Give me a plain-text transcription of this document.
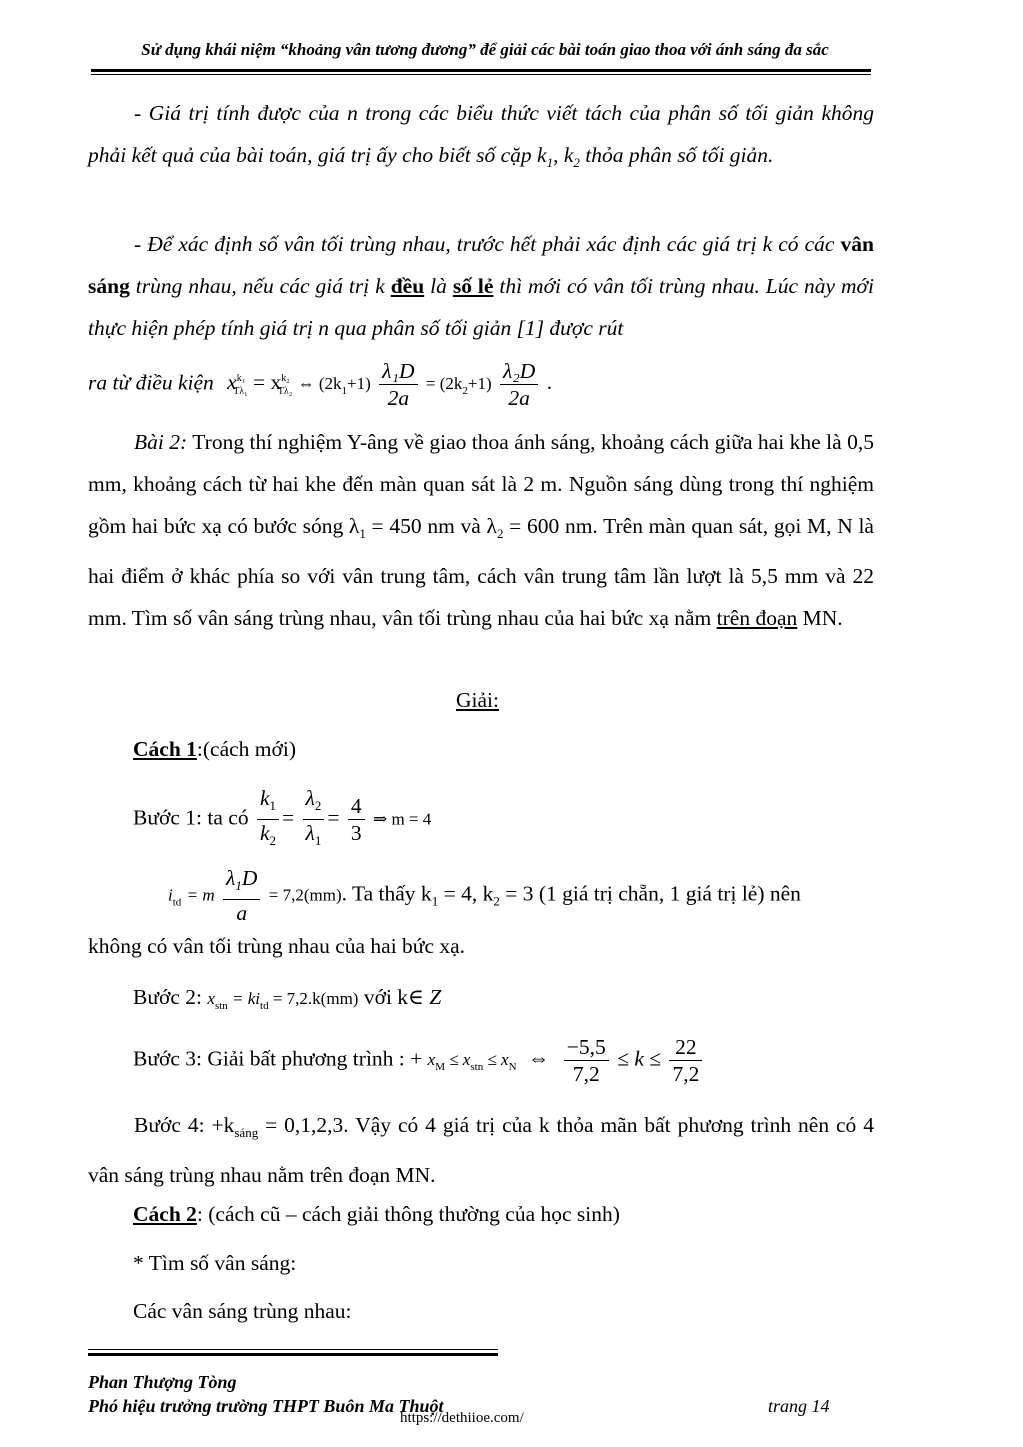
Sử dụng khái niệm “khoảng vân tương đương” để giải các bài toán giao thoa với ánh sáng đa sắc
- Giá trị tính được của n trong các biểu thức viết tách của phân số tối giản không phải kết quả của bài toán, giá trị ấy cho biết số cặp $k_1$, $k_2$ thỏa phân số tối giản.
- Để xác định số vân tối trùng nhau, trước hết phải xác định các giá trị k có các vân sáng trùng nhau, nếu các giá trị k đều là số lẻ thì mới có vân tối trùng nhau. Lúc này mới thực hiện phép tính giá trị n qua phân số tối giản [1] được rút
ra từ điều kiện $x^{k_1}_{T\lambda_1} = x^{k_2}_{T\lambda_2}$ ⇔ $(2k_1+1) \frac{\text{λ₁D}}{2a} = (2k_2+1) \frac{\text{λ₂D}}{2a}$ .
Bài 2: Trong thí nghiệm Y-âng về giao thoa ánh sáng, khoảng cách giữa hai khe là 0,5 mm, khoảng cách từ hai khe đến màn quan sát là 2 m. Nguồn sáng dùng trong thí nghiệm gồm hai bức xạ có bước sóng $\lambda_1 = 450$ nm và $\lambda_2 = 600$ nm. Trên màn quan sát, gọi M, N là hai điểm ở khác phía so với vân trung tâm, cách vân trung tâm lần lượt là 5,5 mm và 22 mm. Tìm số vân sáng trùng nhau, vân tối trùng nhau của hai bức xạ nằm trên đoạn MN.
Giải:
Cách 1:(cách mới)
Bước 1: ta có $\frac{k_1}{k_2} = \frac{\lambda_2}{\lambda_1} = \frac{4}{3}$ ⇒ m = 4
$i_{td} = m \frac{\lambda_1D}{a} = 7,2(mm)$. Ta thấy $k_1 = 4$, $k_2 = 3$ (1 giá trị chẵn, 1 giá trị lẻ) nên
không có vân tối trùng nhau của hai bức xạ.
Bước 2: $x_{stn} = ki_{td} = 7,2.k(mm)$ với k∈ Z
Bước 3: Giải bất phương trình : + $x_M \le x_{stn} \le x_N$ ⇔ $\frac{-5,5}{7,2} \le k \le \frac{22}{7,2}$
Bước 4: $+k_{sáng} = 0,1,2,3$. Vậy có 4 giá trị của k thỏa mãn bất phương trình nên có 4 vân sáng trùng nhau nằm trên đoạn MN.
Cách 2: (cách cũ – cách giải thông thường của học sinh)
* Tìm số vân sáng:
Các vân sáng trùng nhau:
Phan Thượng Tòng
Phó hiệu trưởng trường THPT Buôn Ma Thuột	trang 14
https://dethiioe.com/
